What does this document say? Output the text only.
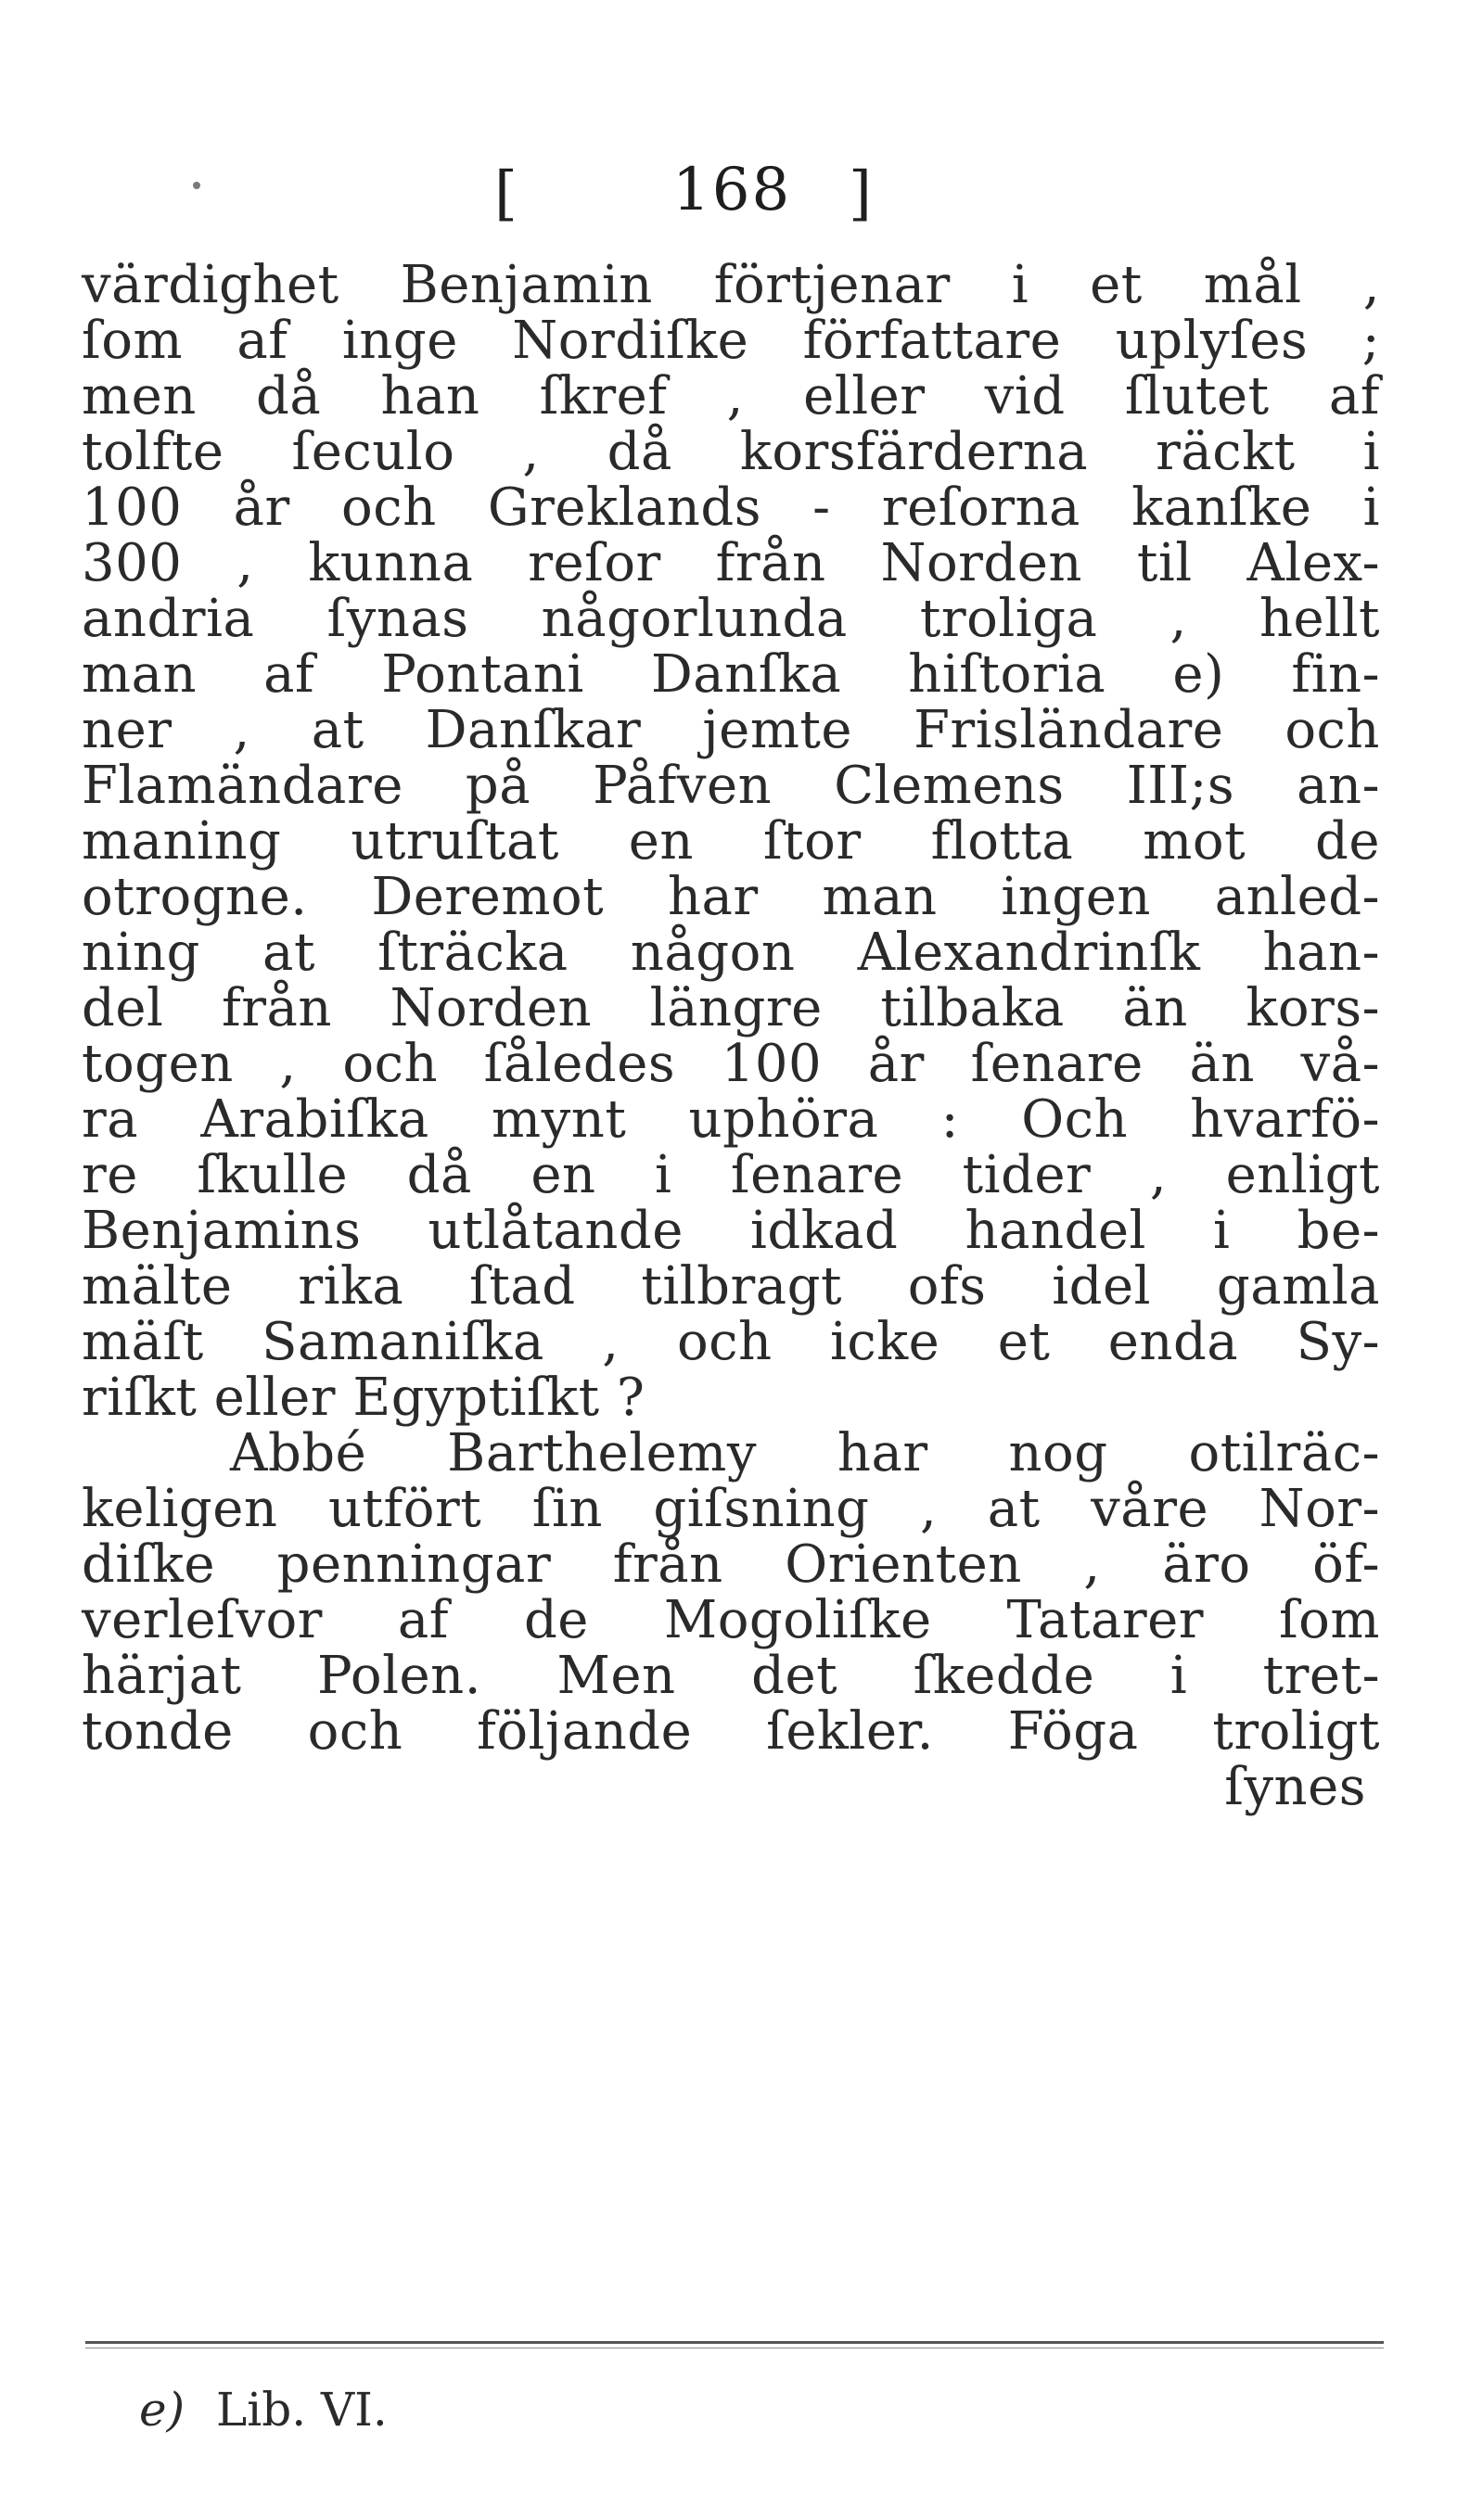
[	168 ]
värdighet Benjamin förtjenar i et mål ,
ſom af inge Nordiſke författare uplyſes ;
men då han ſkref , eller vid ſlutet af
tolfte ſeculo , då korsfärderna räckt i
100 år och Greklands - reſorna kanſke i
300 , kunna reſor från Norden til Alex-
andria ſynas någorlunda troliga , hellt
man af Pontani Danſka hiſtoria e) fin-
ner , at Danſkar jemte Frisländare och
Flamändare på Påfven Clemens III;s an-
maning utruſtat en ſtor flotta mot de
otrogne. Deremot har man ingen anled-
ning at ſträcka någon Alexandrinſk han-
del från Norden längre tilbaka än kors-
togen , och ſåledes 100 år ſenare än vå-
ra Arabiſka mynt uphöra : Och hvarfö-
re ſkulle då en i ſenare tider , enligt
Benjamins utlåtande idkad handel i be-
mälte rika ſtad tilbragt ofs idel gamla
mäſt Samaniſka , och icke et enda Sy-
riſkt eller Egyptiſkt ?
Abbé Barthelemy har nog otilräc-
keligen utfört ſin giſsning , at våre Nor-
diſke penningar från Orienten , äro öf-
verleſvor af de Mogoliſke Tatarer ſom
härjat Polen. Men det ſkedde i tret-
tonde och följande ſekler. Föga troligt
ſynes
e) Lib. VI.
